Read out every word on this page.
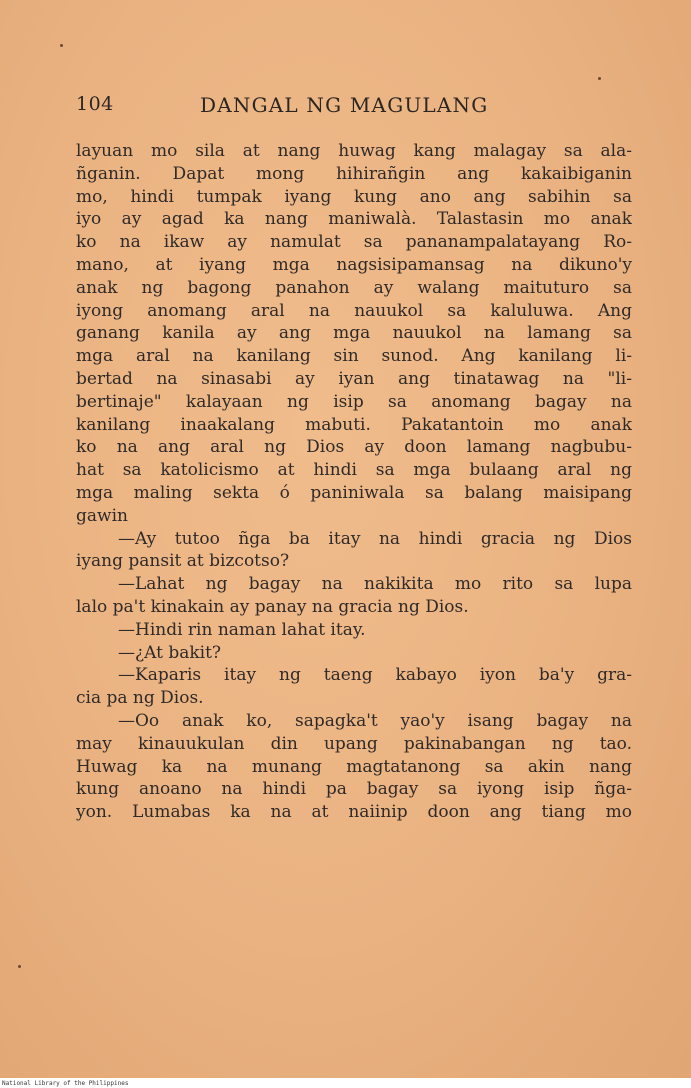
104	DANGAL NG MAGULANG
layuan mo sila at nang huwag kang malagay sa ala-
ñganin. Dapat mong hihirañgin ang kakaibiganin
mo, hindi tumpak iyang kung ano ang sabihin sa
iyo ay agad ka nang maniwalà. Talastasin mo anak
ko na ikaw ay namulat sa pananampalatayang Ro-
mano, at iyang mga nagsisipamansag na dikuno'y
anak ng bagong panahon ay walang maituturo sa
iyong anomang aral na nauukol sa kaluluwa. Ang
ganang kanila ay ang mga nauukol na lamang sa
mga aral na kanilang sin sunod. Ang kanilang li-
bertad na sinasabi ay iyan ang tinatawag na "li-
bertinaje" kalayaan ng isip sa anomang bagay na
kanilang inaakalang mabuti. Pakatantoin mo anak
ko na ang aral ng Dios ay doon lamang nagbubu-
hat sa katolicismo at hindi sa mga bulaang aral ng
mga maling sekta ó paniniwala sa balang maisipang
gawin
—Ay tutoo ñga ba itay na hindi gracia ng Dios
iyang pansit at bizcotso?
—Lahat ng bagay na nakikita mo rito sa lupa
lalo pa't kinakain ay panay na gracia ng Dios.
—Hindi rin naman lahat itay.
—¿At bakit?
—Kaparis itay ng taeng kabayo iyon ba'y gra-
cia pa ng Dios.
—Oo anak ko, sapagka't yao'y isang bagay na
may kinauukulan din upang pakinabangan ng tao.
Huwag ka na munang magtatanong sa akin nang
kung anoano na hindi pa bagay sa iyong isip ñga-
yon. Lumabas ka na at naiinip doon ang tiang mo
National Library of the Philippines
